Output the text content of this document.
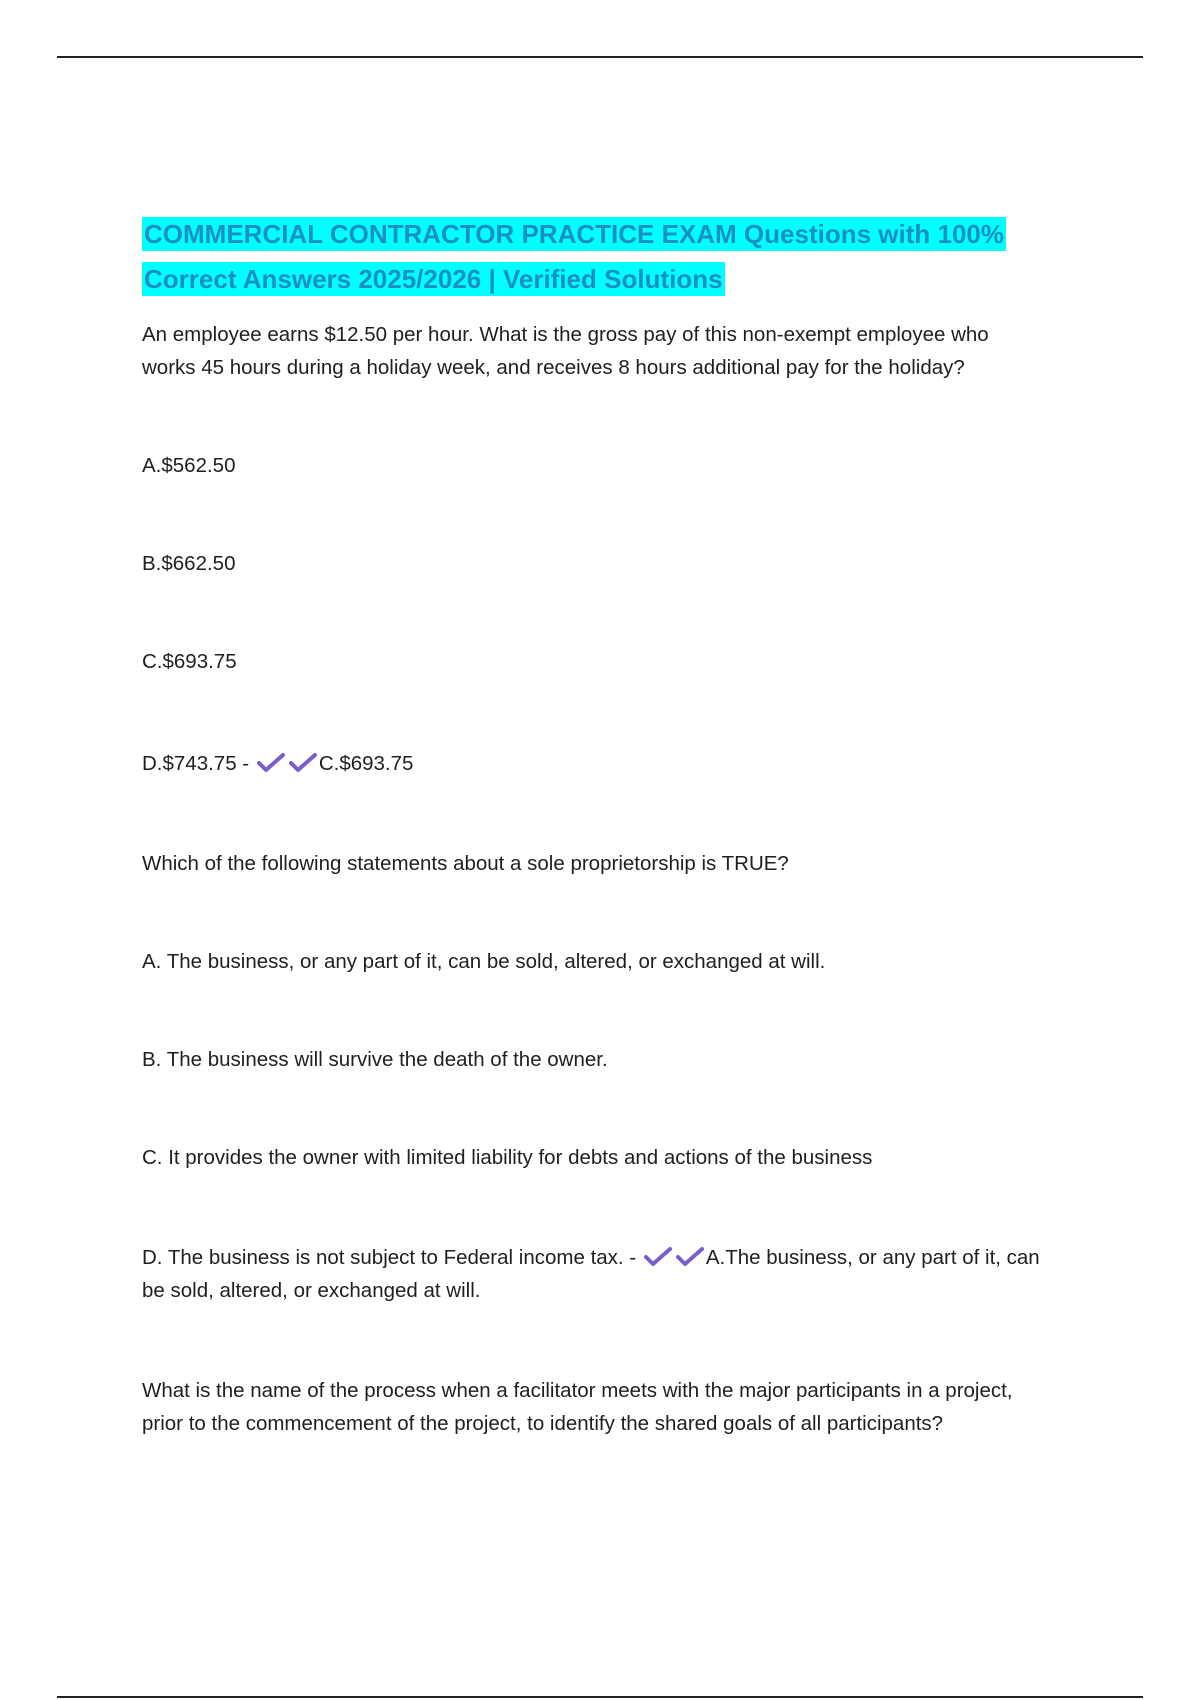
COMMERCIAL CONTRACTOR PRACTICE EXAM Questions with 100% Correct Answers 2025/2026 | Verified Solutions
An employee earns $12.50 per hour. What is the gross pay of this non-exempt employee who works 45 hours during a holiday week, and receives 8 hours additional pay for the holiday?
A.$562.50
B.$662.50
C.$693.75
D.$743.75 -	C.$693.75
Which of the following statements about a sole proprietorship is TRUE?
A. The business, or any part of it, can be sold, altered, or exchanged at will.
B. The business will survive the death of the owner.
C. It provides the owner with limited liability for debts and actions of the business
D. The business is not subject to Federal income tax. -	A.The business, or any part of it, can be sold, altered, or exchanged at will.
What is the name of the process when a facilitator meets with the major participants in a project, prior to the commencement of the project, to identify the shared goals of all participants?
